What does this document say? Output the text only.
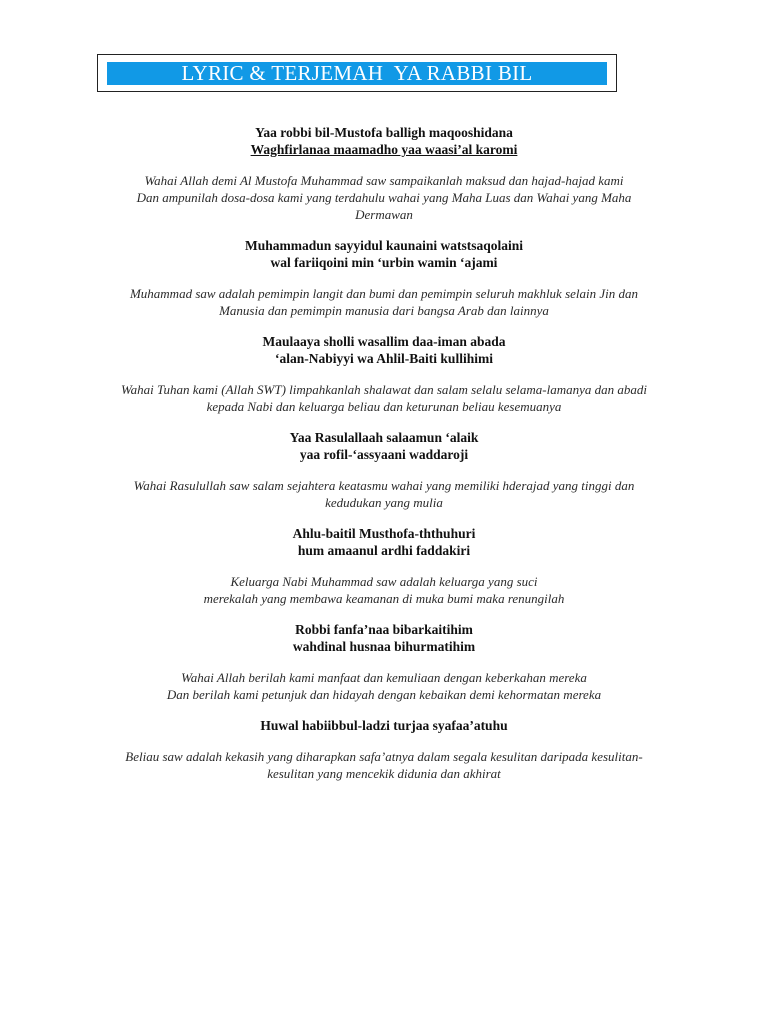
LYRIC & TERJEMAH  YA RABBI BIL
Yaa robbi bil-Mustofa balligh maqooshidana
Waghfirlanaa maamadho yaa waasi’al karomi
Wahai Allah demi Al Mustofa Muhammad saw sampaikanlah maksud dan hajad-hajad kami
Dan ampunilah dosa-dosa kami yang terdahulu wahai yang Maha Luas dan Wahai yang Maha
Dermawan
Muhammadun sayyidul kaunaini watstsaqolaini
wal fariiqoini min ‘urbin wamin ‘ajami
Muhammad saw adalah pemimpin langit dan bumi dan pemimpin seluruh makhluk selain Jin dan
Manusia dan pemimpin manusia dari bangsa Arab dan lainnya
Maulaaya sholli wasallim daa-iman abada
‘alan-Nabiyyi wa Ahlil-Baiti kullihimi
Wahai Tuhan kami (Allah SWT) limpahkanlah shalawat dan salam selalu selama-lamanya dan abadi
kepada Nabi dan keluarga beliau dan keturunan beliau kesemuanya
Yaa Rasulallaah salaamun ‘alaik
yaa rofil-‘assyaani waddaroji
Wahai Rasulullah saw salam sejahtera keatasmu wahai yang memiliki hderajad yang tinggi dan
kedudukan yang mulia
Ahlu-baitil Musthofa-ththuhuri
hum amaanul ardhi faddakiri
Keluarga Nabi Muhammad saw adalah keluarga yang suci
merekalah yang membawa keamanan di muka bumi maka renungilah
Robbi fanfa’naa bibarkaitihim
wahdinal husnaa bihurmatihim
Wahai Allah berilah kami manfaat dan kemuliaan dengan keberkahan mereka
Dan berilah kami petunjuk dan hidayah dengan kebaikan demi kehormatan mereka
Huwal habiibbul-ladzi turjaa syafaa’atuhu
Beliau saw adalah kekasih yang diharapkan safa’atnya dalam segala kesulitan daripada kesulitan-
kesulitan yang mencekik didunia dan akhirat
